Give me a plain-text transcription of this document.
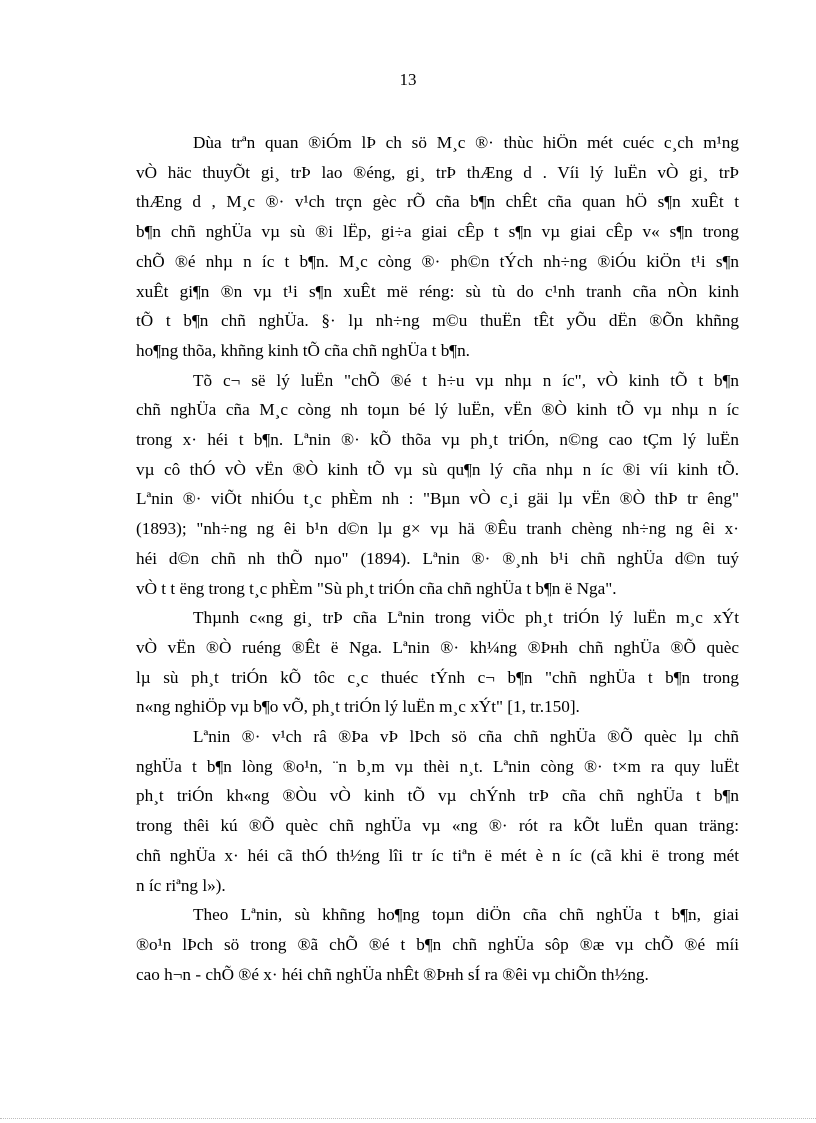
13
Dùa trªn quan ®iÓm lÞ ch sö M¸c ®· thùc hiÖn mét cuéc c¸ch m¹ng
vÒ häc thuyÕt gi¸ trÞ lao ®éng, gi¸ trÞ thÆng d . Víi lý luËn vÒ gi¸ trÞ
thÆng d , M¸c ®· v¹ch trçn gèc rÕ cña b¶n chÊt cña quan hÖ s¶n xuÊt t
b¶n chñ nghÜa vµ sù ®i lËp, gi÷a giai cÊp t s¶n vµ giai cÊp v« s¶n trong
chÕ ®é nhµ n íc t b¶n. M¸c còng ®· ph©n tÝch nh÷ng ®iÓu kiÖn t¹i s¶n
xuÊt gi¶n ®n vµ t¹i s¶n xuÊt më réng: sù tù do c¹nh tranh cña nÒn kinh
tÕ t b¶n chñ nghÜa. §· lµ nh÷ng m©u thuËn tÊt yÕu dËn ®Õn khñng
ho¶ng thõa, khñng kinh tÕ cña chñ nghÜa t b¶n.
Tõ c¬ së lý luËn "chÕ ®é t h÷u vµ nhµ n íc", vÒ kinh tÕ t b¶n
chñ nghÜa cña M¸c còng nh toµn bé lý luËn, vËn ®Ò kinh tÕ vµ nhµ n íc
trong x· héi t b¶n. Lªnin ®· kÕ thõa vµ ph¸t triÓn, n©ng cao tÇm lý luËn
vµ cô thÓ vÒ vËn ®Ò kinh tÕ vµ sù qu¶n lý cña nhµ n íc ®i víi kinh tÕ.
Lªnin ®· viÕt nhiÓu t¸c phÈm nh : "Bµn vÒ c¸i gäi lµ vËn ®Ò thÞ tr êng"
(1893); "nh÷ng ng êi b¹n d©n lµ g× vµ hä ®Êu tranh chèng nh÷ng ng êi x·
héi d©n chñ nh thÕ nµo" (1894). Lªnin ®· ®¸nh b¹i chñ nghÜa d©n tuý
vÒ t t ëng trong t¸c phÈm "Sù ph¸t triÓn cña chñ nghÜa t b¶n ë Nga".
Thµnh c«ng gi¸ trÞ cña Lªnin trong viÖc ph¸t triÓn lý luËn m¸c xÝt
vÒ vËn ®Ò ruéng ®Êt ë Nga. Lªnin ®· kh¼ng ®Þнh chñ nghÜa ®Õ quèc
lµ sù ph¸t triÓn kÕ tôc c¸c thuéc tÝnh c¬ b¶n "chñ nghÜa t b¶n trong
n«ng nghiÖp vµ b¶o vÕ, ph¸t triÓn lý luËn m¸c xÝt" [1, tr.150].
Lªnin ®· v¹ch râ ®Þa vÞ lÞch sö cña chñ nghÜa ®Õ quèc lµ chñ
nghÜa t b¶n lòng ®o¹n, ¨n b¸m vµ thèi n¸t. Lªnin còng ®· t×m ra quy luËt
ph¸t triÓn kh«ng ®Òu vÒ kinh tÕ vµ chÝnh trÞ cña chñ nghÜa t b¶n
trong thêi kú ®Õ quèc chñ nghÜa vµ «ng ®· rót ra kÕt luËn quan träng:
chñ nghÜa x· héi cã thÓ th½ng lîi tr íc tiªn ë mét è n íc (cã khi ë trong mét
n íc riªng l»).
Theo Lªnin, sù khñng ho¶ng toµn diÖn cña chñ nghÜa t b¶n, giai
®o¹n lÞch sö trong ®ã chÕ ®é t b¶n chñ nghÜa sôp ®æ vµ chÕ ®é míi
cao h¬n - chÕ ®é x· héi chñ nghÜa nhÊt ®Þнh sÍ ra ®êi vµ chiÕn th½ng.
